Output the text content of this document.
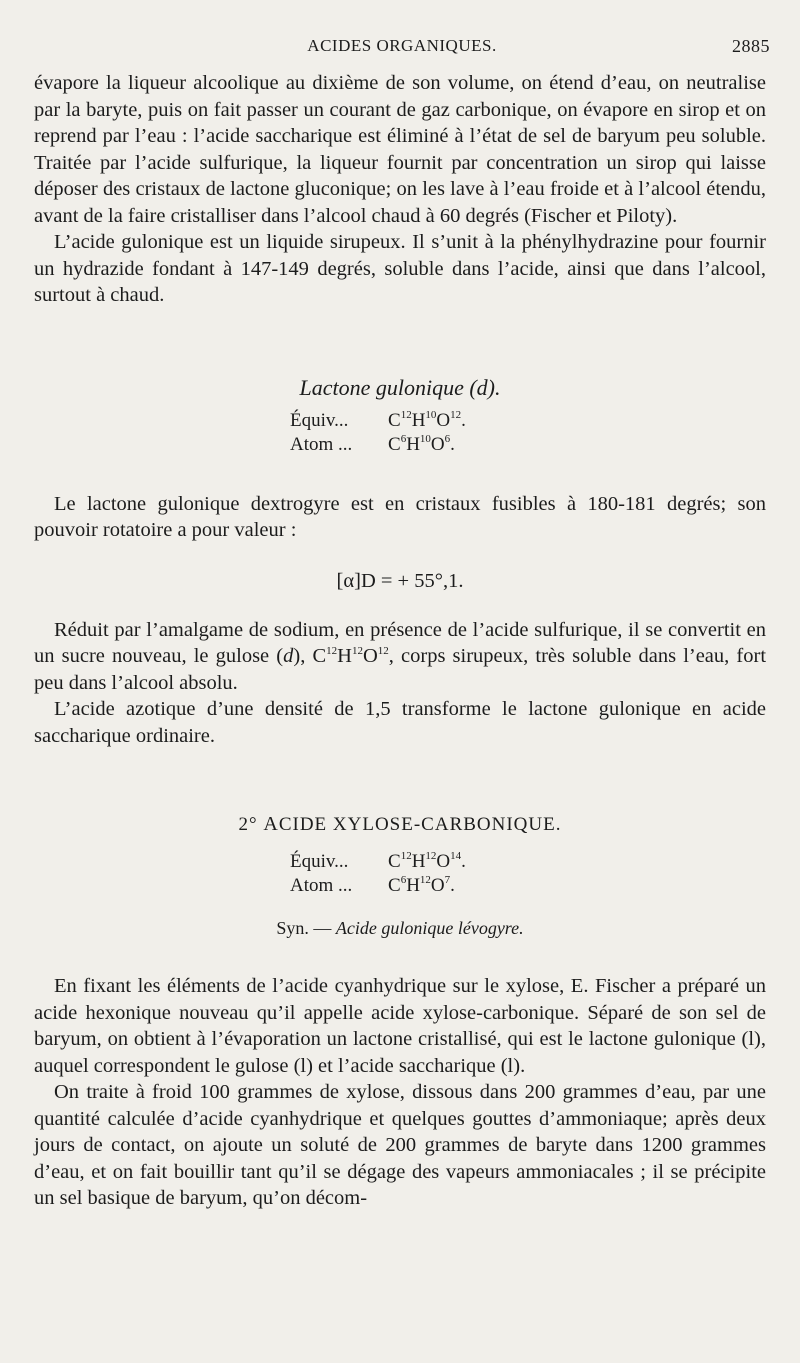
ACIDES ORGANIQUES.	2885

évapore la liqueur alcoolique au dixième de son volume, on étend d’eau, on neutralise par la baryte, puis on fait passer un courant de gaz carbonique, on évapore en sirop et on reprend par l’eau : l’acide saccharique est éliminé à l’état de sel de baryum peu soluble. Traitée par l’acide sulfurique, la liqueur fournit par concentration un sirop qui laisse déposer des cristaux de lactone gluconique; on les lave à l’eau froide et à l’alcool étendu, avant de la faire cristalliser dans l’alcool chaud à 60 degrés (Fischer et Piloty).

L’acide gulonique est un liquide sirupeux. Il s’unit à la phénylhydrazine pour fournir un hydrazide fondant à 147-149 degrés, soluble dans l’acide, ainsi que dans l’alcool, surtout à chaud.

Lactone gulonique (d).
Équiv...	$C^{12}H^{10}O^{12}$.
Atom ...	$C^6H^{10}O^6$.

Le lactone gulonique dextrogyre est en cristaux fusibles à 180-181 degrés; son pouvoir rotatoire a pour valeur :

[α]D = + 55°,1.

Réduit par l’amalgame de sodium, en présence de l’acide sulfurique, il se convertit en un sucre nouveau, le gulose (d), $C^{12}H^{12}O^{12}$, corps sirupeux, très soluble dans l’eau, fort peu dans l’alcool absolu.

L’acide azotique d’une densité de 1,5 transforme le lactone gulonique en acide saccharique ordinaire.

2° ACIDE XYLOSE-CARBONIQUE.
Équiv...	$C^{12}H^{12}O^{14}$.
Atom ...	$C^6H^{12}O^7$.
Syn. — Acide gulonique lévogyre.

En fixant les éléments de l’acide cyanhydrique sur le xylose, E. Fischer a préparé un acide hexonique nouveau qu’il appelle acide xylose-carbonique. Séparé de son sel de baryum, on obtient à l’évaporation un lactone cristallisé, qui est le lactone gulonique (l), auquel correspondent le gulose (l) et l’acide saccharique (l).

On traite à froid 100 grammes de xylose, dissous dans 200 grammes d’eau, par une quantité calculée d’acide cyanhydrique et quelques gouttes d’ammoniaque; après deux jours de contact, on ajoute un soluté de 200 grammes de baryte dans 1200 grammes d’eau, et on fait bouillir tant qu’il se dégage des vapeurs ammoniacales ; il se précipite un sel basique de baryum, qu’on décom-
